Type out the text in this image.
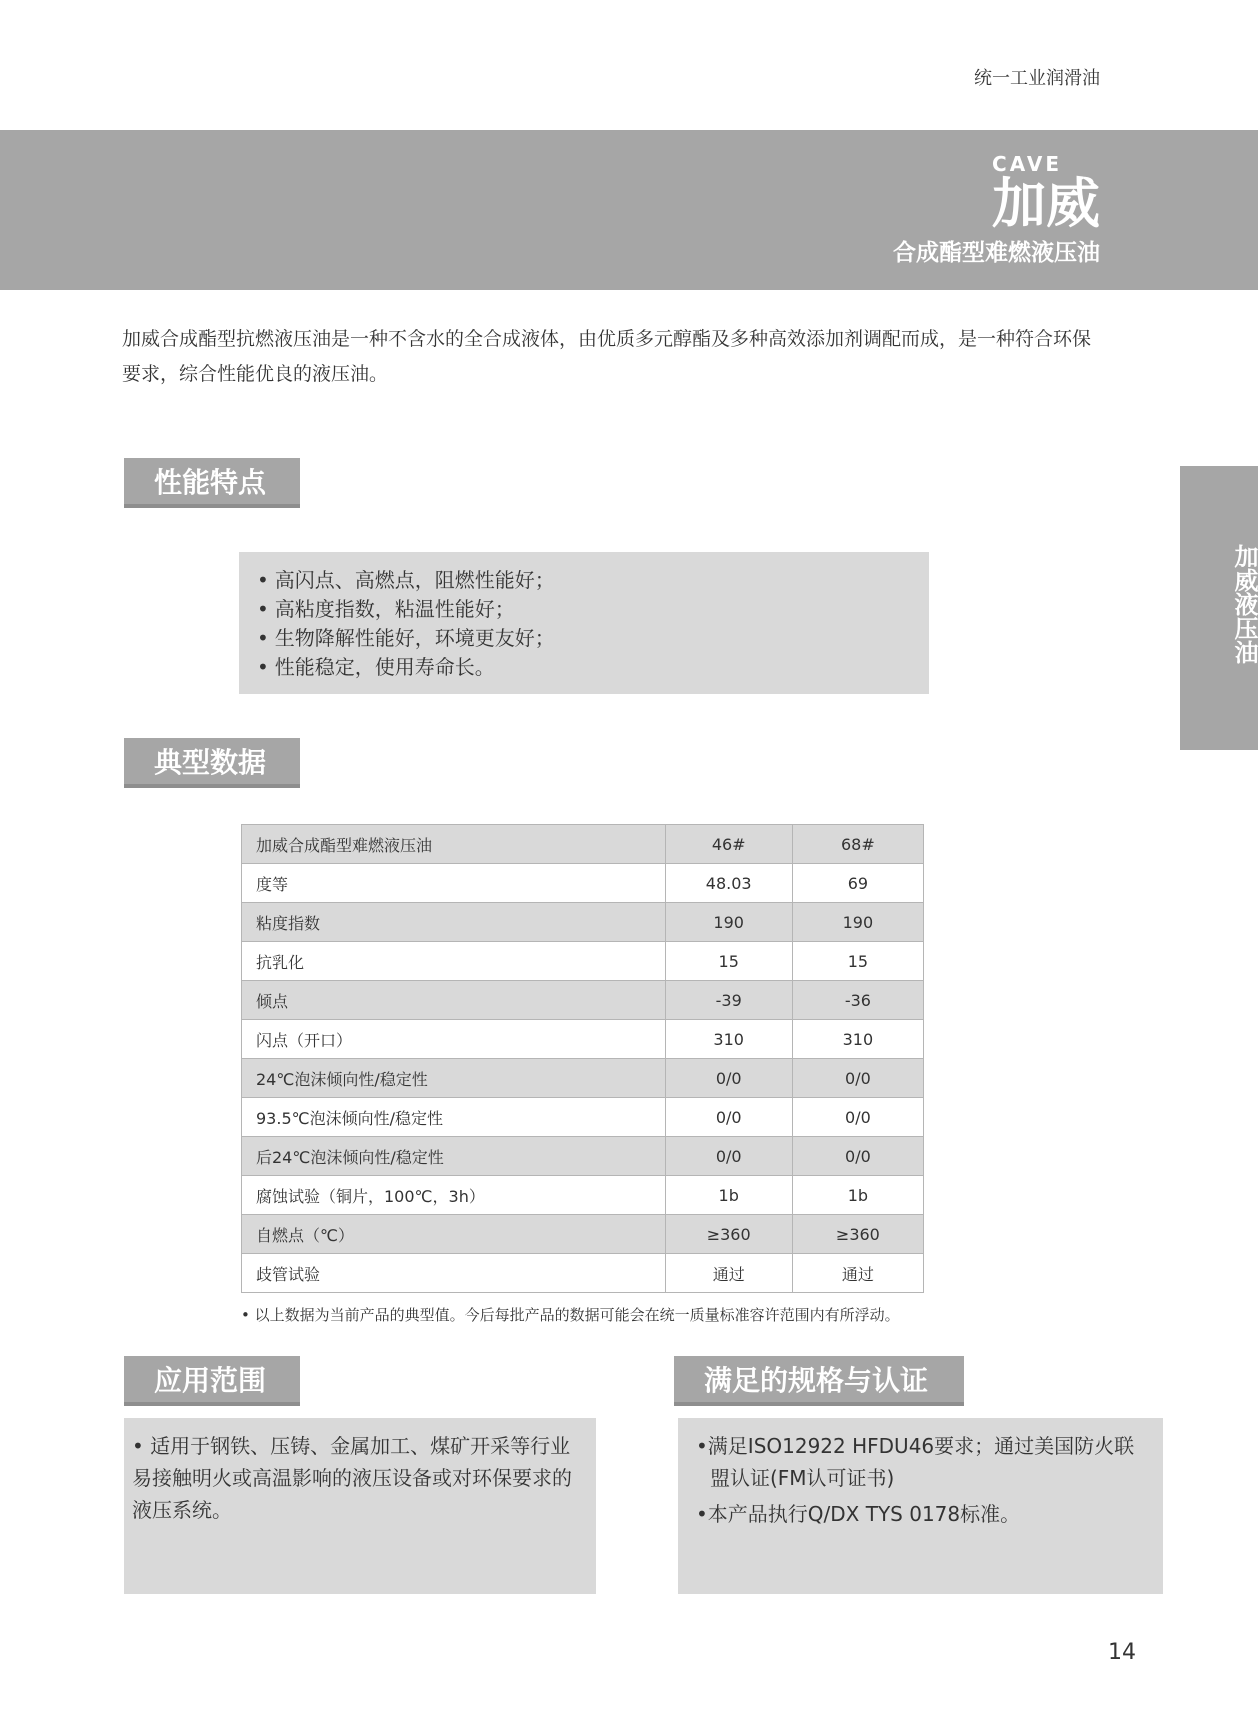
统一工业润滑油
CAVE
加威
合成酯型难燃液压油
加威合成酯型抗燃液压油是一种不含水的全合成液体，由优质多元醇酯及多种高效添加剂调配而成，是一种符合环保要求，综合性能优良的液压油。
加威液压油
性能特点
• 高闪点、高燃点，阻燃性能好；
• 高粘度指数，粘温性能好；
• 生物降解性能好，环境更友好；
• 性能稳定，使用寿命长。
典型数据
加威合成酯型难燃液压油	46#	68#
度等	48.03	69
粘度指数	190	190
抗乳化	15	15
倾点	-39	-36
闪点（开口）	310	310
24℃泡沫倾向性/稳定性	0/0	0/0
93.5℃泡沫倾向性/稳定性	0/0	0/0
后24℃泡沫倾向性/稳定性	0/0	0/0
腐蚀试验（铜片，100℃，3h）	1b	1b
自燃点（℃）	≥360	≥360
歧管试验	通过	通过
• 以上数据为当前产品的典型值。今后每批产品的数据可能会在统一质量标准容许范围内有所浮动。
应用范围
• 适用于钢铁、压铸、金属加工、煤矿开采等行业易接触明火或高温影响的液压设备或对环保要求的液压系统。
满足的规格与认证
•满足ISO12922 HFDU46要求；通过美国防火联盟认证(FM认可证书)
•本产品执行Q/DX TYS 0178标准。
14
